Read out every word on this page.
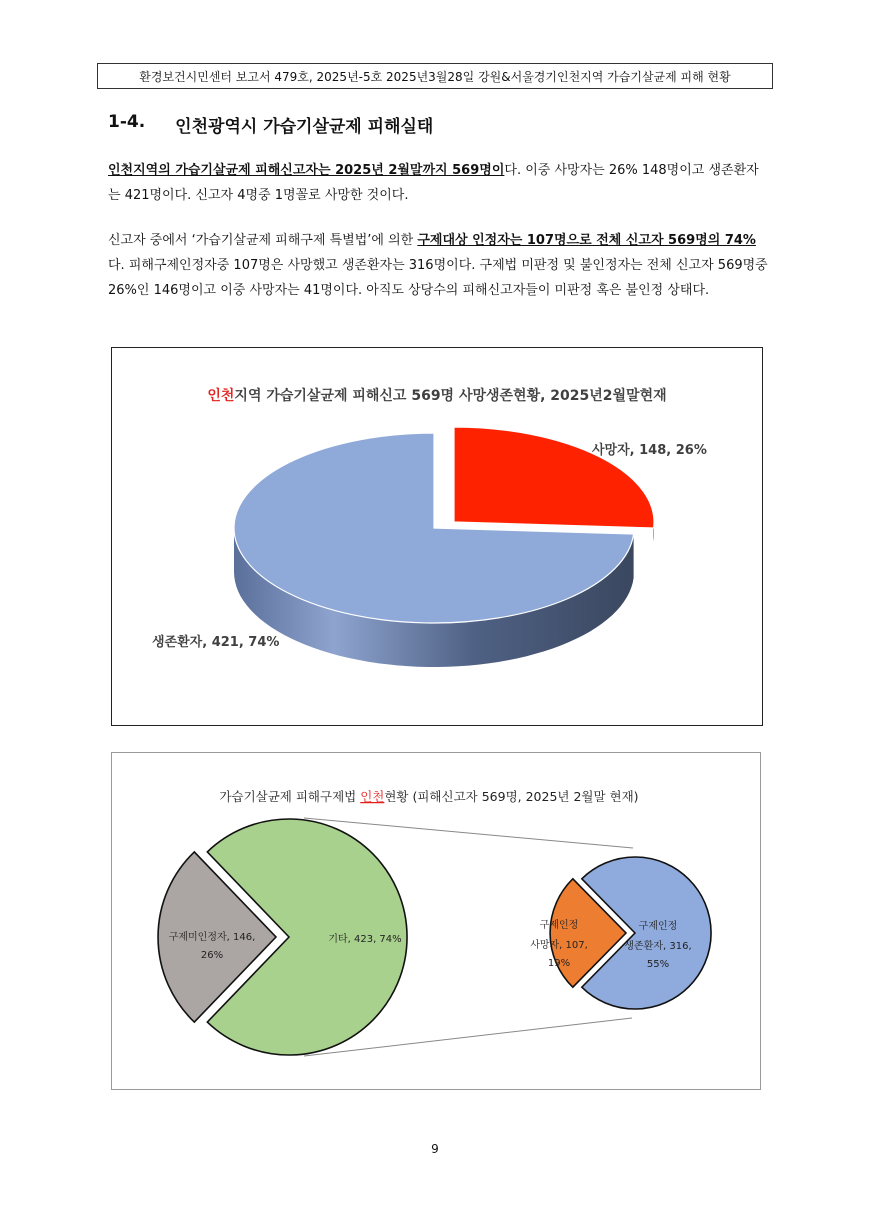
환경보건시민센터 보고서 479호, 2025년-5호 2025년3월28일 강원&서울경기인천지역 가습기살균제 피해 현황
1-4. 인천광역시 가습기살균제 피해실태
인천지역의 가습기살균제 피해신고자는 2025년 2월말까지 569명이다. 이중 사망자는 26% 148명이고 생존환자는 421명이다. 신고자 4명중 1명꼴로 사망한 것이다.
신고자 중에서 ‘가습기살균제 피해구제 특별법’에 의한 구제대상 인정자는 107명으로 전체 신고자 569명의 74%다. 피해구제인정자중 107명은 사망했고 생존환자는 316명이다. 구제법 미판정 및 불인정자는 전체 신고자 569명중 26%인 146명이고 이중 사망자는 41명이다. 아직도 상당수의 피해신고자들이 미판정 혹은 불인정 상태다.
인천지역 가습기살균제 피해신고 569명 사망생존현황, 2025년2월말현재
사망자, 148, 26%
생존환자, 421, 74%
가습기살균제 피해구제법 인천현황 (피해신고자 569명, 2025년 2월말 현재)
구제미인정자, 146,
26%
기타, 423, 74%
구제인정
사망자, 107,
19%
구제인정
생존환자, 316,
55%
9
